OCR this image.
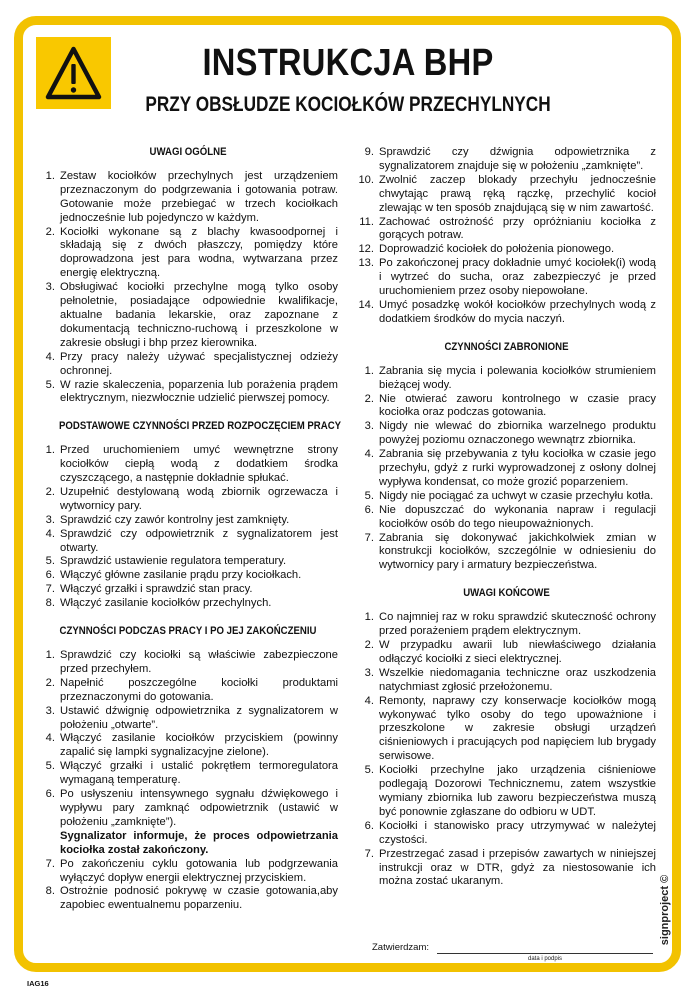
INSTRUKCJA BHP
PRZY OBSŁUDZE KOCIOŁKÓW PRZECHYLNYCH
UWAGI OGÓLNE
1. Zestaw kociołków przechylnych jest urządzeniem przeznaczonym do podgrzewania i gotowania potraw. Gotowanie może przebiegać w trzech kociołkach jednocześnie lub pojedynczo w każdym.
2. Kociołki wykonane są z blachy kwasoodpornej i składają się z dwóch płaszczy, pomiędzy które doprowadzona jest para wodna, wytwarzana przez energię elektryczną.
3. Obsługiwać kociołki przechylne mogą tylko osoby pełnoletnie, posiadające odpowiednie kwalifikacje, aktualne badania lekarskie, oraz zapoznane z dokumentacją techniczno-ruchową i przeszkolone w zakresie obsługi i bhp przez kierownika.
4. Przy pracy należy używać specjalistycznej odzieży ochronnej.
5. W razie skaleczenia, poparzenia lub porażenia prądem elektrycznym, niezwłocznie udzielić pierwszej pomocy.
PODSTAWOWE CZYNNOŚCI PRZED ROZPOCZĘCIEM PRACY
1. Przed uruchomieniem umyć wewnętrzne strony kociołków ciepłą wodą z dodatkiem środka czyszczącego, a następnie dokładnie spłukać.
2. Uzupełnić destylowaną wodą zbiornik ogrzewacza i wytwornicy pary.
3. Sprawdzić czy zawór kontrolny jest zamknięty.
4. Sprawdzić czy odpowietrznik z sygnalizatorem jest otwarty.
5. Sprawdzić ustawienie regulatora temperatury.
6. Włączyć główne zasilanie prądu przy kociołkach.
7. Włączyć grzałki i sprawdzić stan pracy.
8. Włączyć zasilanie kociołków przechylnych.
CZYNNOŚCI PODCZAS PRACY I PO JEJ ZAKOŃCZENIU
1. Sprawdzić czy kociołki są właściwie zabezpieczone przed przechyłem.
2. Napełnić poszczególne kociołki produktami przeznaczonymi do gotowania.
3. Ustawić dźwignię odpowietrznika z sygnalizatorem w położeniu „otwarte”.
4. Włączyć zasilanie kociołków przyciskiem (powinny zapalić się lampki sygnalizacyjne zielone).
5. Włączyć grzałki i ustalić pokrętłem termoregulatora wymaganą temperaturę.
6. Po usłyszeniu intensywnego sygnału dźwiękowego i wypływu pary zamknąć odpowietrznik (ustawić w położeniu „zamknięte”).
Sygnalizator informuje, że proces odpowietrzania kociołka został zakończony.
7. Po zakończeniu cyklu gotowania lub podgrzewania wyłączyć dopływ energii elektrycznej przyciskiem.
8. Ostrożnie podnosić pokrywę w czasie gotowania,aby zapobiec ewentualnemu poparzeniu.
9. Sprawdzić czy dźwignia odpowietrznika z sygnalizatorem znajduje się w położeniu „zamknięte”.
10. Zwolnić zaczep blokady przechyłu jednocześnie chwytając prawą ręką rączkę, przechylić kocioł zlewając w ten sposób znajdującą się w nim zawartość.
11. Zachować ostrożność przy opróżnianiu kociołka z gorących potraw.
12. Doprowadzić kociołek do położenia pionowego.
13. Po zakończonej pracy dokładnie umyć kociołek(i) wodą i wytrzeć do sucha, oraz zabezpieczyć je przed uruchomieniem przez osoby niepowołane.
14. Umyć posadzkę wokół kociołków przechylnych wodą z dodatkiem środków do mycia naczyń.
CZYNNOŚCI ZABRONIONE
1. Zabrania się mycia i polewania kociołków strumieniem bieżącej wody.
2. Nie otwierać zaworu kontrolnego w czasie pracy kociołka oraz podczas gotowania.
3. Nigdy nie wlewać do zbiornika warzelnego produktu powyżej poziomu oznaczonego wewnątrz zbiornika.
4. Zabrania się przebywania z tyłu kociołka w czasie jego przechyłu, gdyż z rurki wyprowadzonej z osłony dolnej wypływa kondensat, co może grozić poparzeniem.
5. Nigdy nie pociągać za uchwyt w czasie przechyłu kotła.
6. Nie dopuszczać do wykonania napraw i regulacji kociołków osób do tego nieupoważnionych.
7. Zabrania się dokonywać jakichkolwiek zmian w konstrukcji kociołków, szczególnie w odniesieniu do wytwornicy pary i armatury bezpieczeństwa.
UWAGI KOŃCOWE
1. Co najmniej raz w roku sprawdzić skuteczność ochrony przed porażeniem prądem elektrycznym.
2. W przypadku awarii lub niewłaściwego działania odłączyć kociołki z sieci elektrycznej.
3. Wszelkie niedomagania techniczne oraz uszkodzenia natychmiast zgłosić przełożonemu.
4. Remonty, naprawy czy konserwacje kociołków mogą wykonywać tylko osoby do tego upoważnione i przeszkolone w zakresie obsługi urządzeń ciśnieniowych i pracujących pod napięciem lub brygady serwisowe.
5. Kociołki przechylne jako urządzenia ciśnieniowe podlegają Dozorowi Technicznemu, zatem wszystkie wymiany zbiornika lub zaworu bezpieczeństwa muszą być ponownie zgłaszane do odbioru w UDT.
6. Kociołki i stanowisko pracy utrzymywać w należytej czystości.
7. Przestrzegać zasad i przepisów zawartych w niniejszej instrukcji oraz w DTR, gdyż za niestosowanie ich można zostać ukaranym.
Zatwierdzam:
data i podpis
IAG16
signproject ©
